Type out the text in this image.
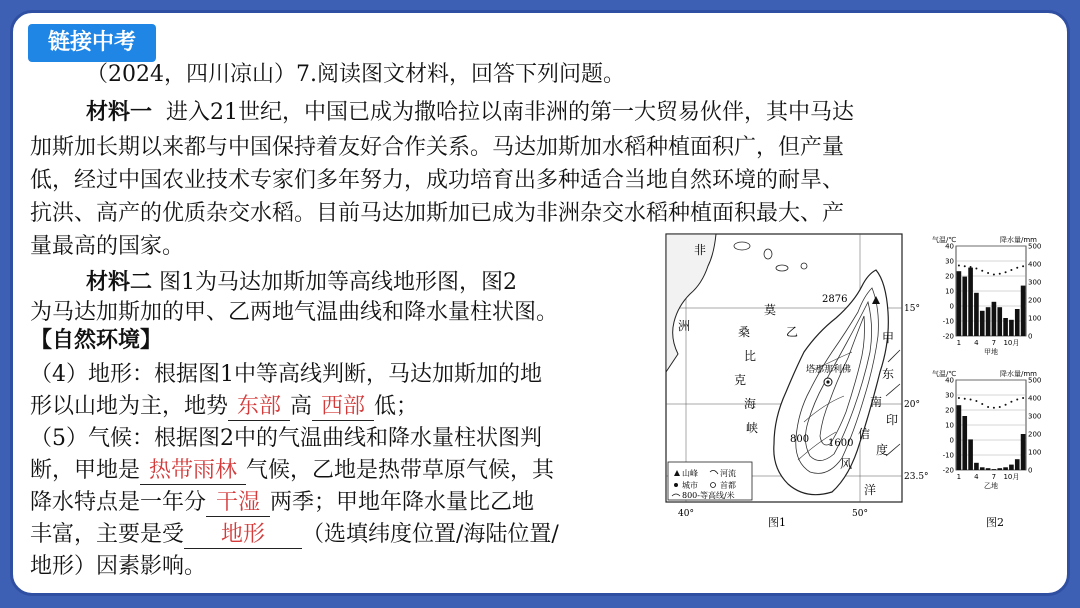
链接中考
（2024，四川凉山）7.阅读图文材料，回答下列问题。
材料一 进入21世纪，中国已成为撒哈拉以南非洲的第一大贸易伙伴，其中马达
加斯加长期以来都与中国保持着友好合作关系。马达加斯加水稻种植面积广，但产量
低，经过中国农业技术专家们多年努力，成功培育出多种适合当地自然环境的耐旱、
抗洪、高产的优质杂交水稻。目前马达加斯加已成为非洲杂交水稻种植面积最大、产
量最高的国家。
材料二 图1为马达加斯加等高线地形图，图2
为马达加斯加的甲、乙两地气温曲线和降水量柱状图。
【自然环境】
（4）地形：根据图1中等高线判断，马达加斯加的地
形以山地为主，地势 东部 高 西部 低；
（5）气候：根据图2中的气温曲线和降水量柱状图判
断，甲地是 热带雨林 气候，乙地是热带草原气候，其
降水特点是一年分 干湿 两季；甲地年降水量比乙地
丰富，主要是受 地形 （选填纬度位置/海陆位置/
地形）因素影响。
2876
塔那那利佛
800 1600
非
洲
莫
桑
比
克
海
峡
乙	甲
东
南
信
风
印
度
洋
15°
20°
23.5°
40°	50°
山峰	河流
城市	首都
800-等高线/米
图1	图2
气温/℃	降水量/mm
40
30
20
10
0
-10
-20
500
400
300
200
100
0
1 4 7 10月
甲地
气温/℃	降水量/mm
40
30
20
10
0
-10
-20
500
400
300
200
100
0
1 4 7 10月
乙地
